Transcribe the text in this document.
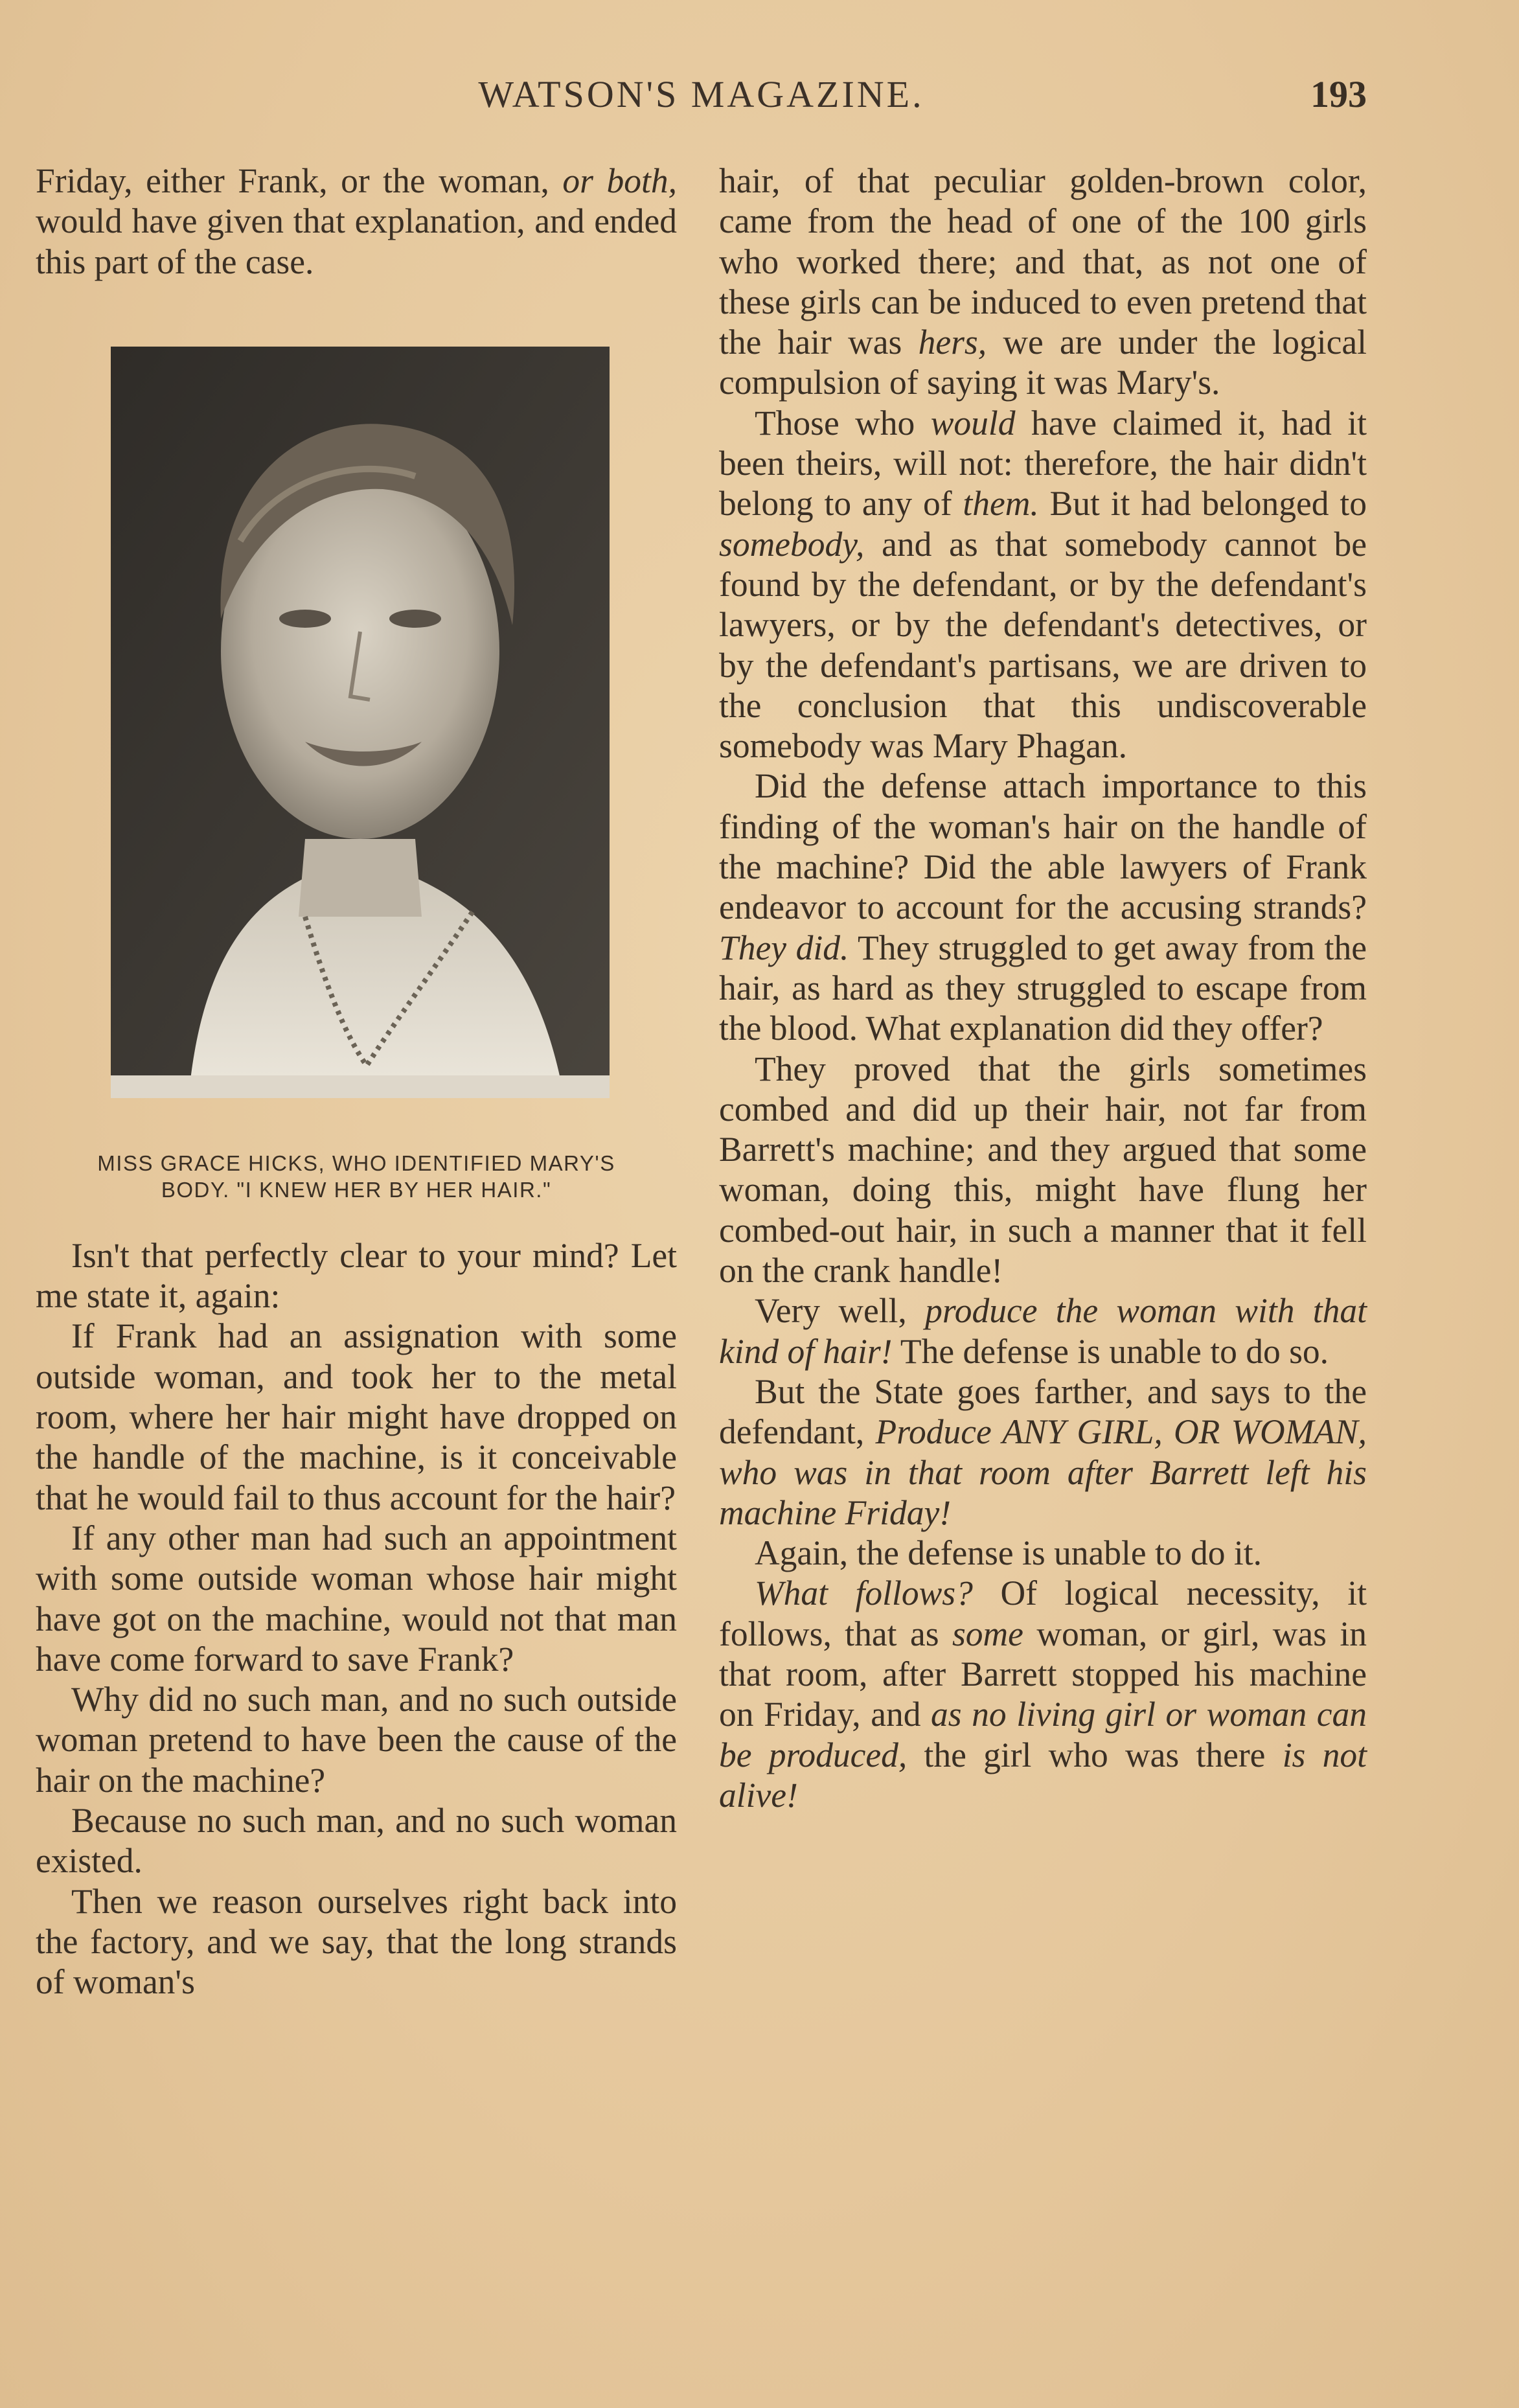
WATSON'S MAGAZINE.	193

Friday, either Frank, or the woman, or both, would have given that explanation, and ended this part of the case.

MISS GRACE HICKS, WHO IDENTIFIED MARY'S
BODY. "I KNEW HER BY HER HAIR."

Isn't that perfectly clear to your mind? Let me state it, again:

If Frank had an assignation with some outside woman, and took her to the metal room, where her hair might have dropped on the handle of the machine, is it conceivable that he would fail to thus account for the hair?

If any other man had such an appointment with some outside woman whose hair might have got on the machine, would not that man have come forward to save Frank?

Why did no such man, and no such outside woman pretend to have been the cause of the hair on the machine?

Because no such man, and no such woman existed.

Then we reason ourselves right back into the factory, and we say, that the long strands of woman's

hair, of that peculiar golden-brown color, came from the head of one of the 100 girls who worked there; and that, as not one of these girls can be induced to even pretend that the hair was hers, we are under the logical compulsion of saying it was Mary's.

Those who would have claimed it, had it been theirs, will not: therefore, the hair didn't belong to any of them. But it had belonged to somebody, and as that somebody cannot be found by the defendant, or by the defendant's lawyers, or by the defendant's detectives, or by the defendant's partisans, we are driven to the conclusion that this undiscoverable somebody was Mary Phagan.

Did the defense attach importance to this finding of the woman's hair on the handle of the machine? Did the able lawyers of Frank endeavor to account for the accusing strands? They did. They struggled to get away from the hair, as hard as they struggled to escape from the blood. What explanation did they offer?

They proved that the girls sometimes combed and did up their hair, not far from Barrett's machine; and they argued that some woman, doing this, might have flung her combed-out hair, in such a manner that it fell on the crank handle!

Very well, produce the woman with that kind of hair! The defense is unable to do so.

But the State goes farther, and says to the defendant, Produce ANY GIRL, OR WOMAN, who was in that room after Barrett left his machine Friday!

Again, the defense is unable to do it.

What follows? Of logical necessity, it follows, that as some woman, or girl, was in that room, after Barrett stopped his machine on Friday, and as no living girl or woman can be produced, the girl who was there is not alive!
